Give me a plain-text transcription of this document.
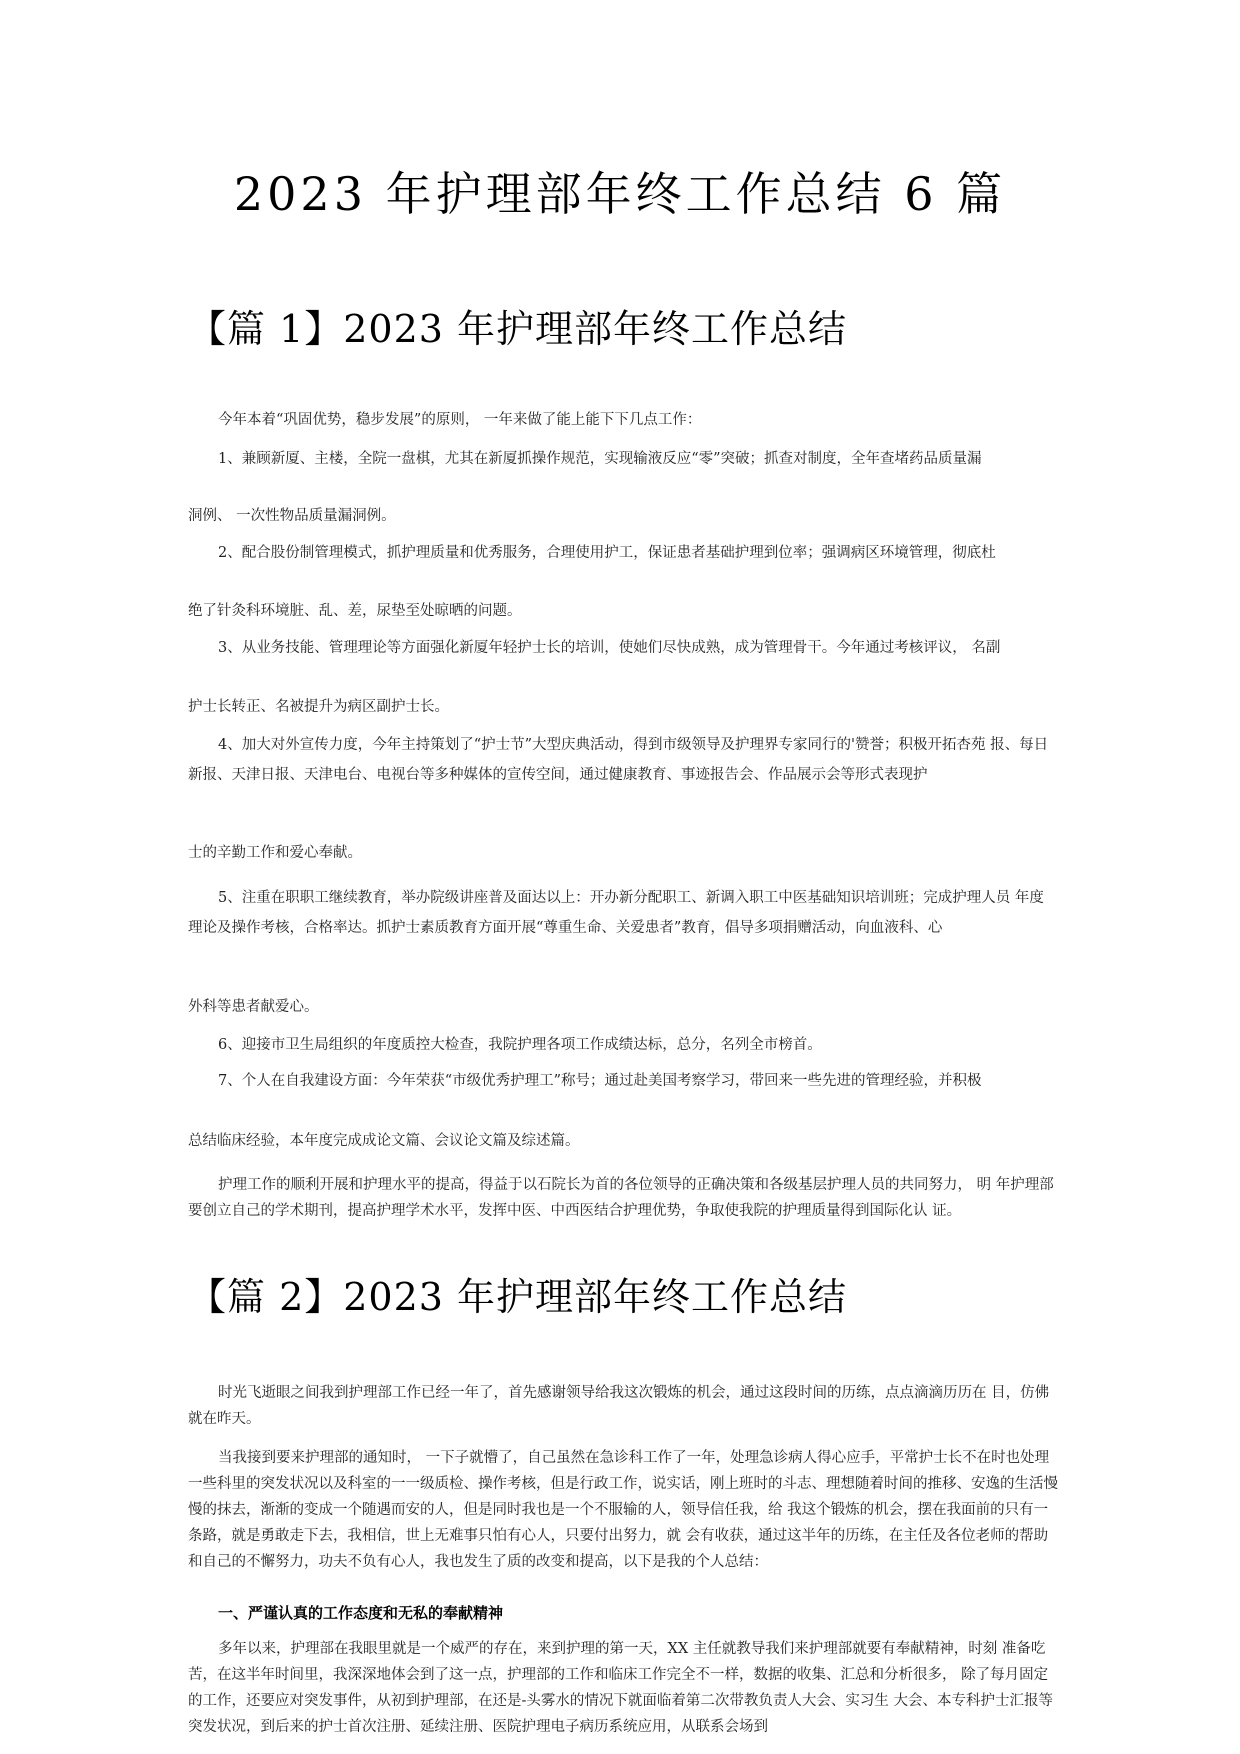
2023 年护理部年终工作总结 6 篇
【篇 1】2023 年护理部年终工作总结
今年本着“巩固优势，稳步发展”的原则， 一年来做了能上能下下几点工作：
1、兼顾新厦、主楼，全院一盘棋，尤其在新厦抓操作规范，实现输液反应“零”突破；抓查对制度，全年查堵药品质量漏
洞例、 一次性物品质量漏洞例。
2、配合股份制管理模式，抓护理质量和优秀服务，合理使用护工，保证患者基础护理到位率；强调病区环境管理，彻底杜
绝了针灸科环境脏、乱、差，尿垫至处晾晒的问题。
3、从业务技能、管理理论等方面强化新厦年轻护士长的培训，使她们尽快成熟，成为管理骨干。今年通过考核评议， 名副
护士长转正、名被提升为病区副护士长。
4、加大对外宣传力度，今年主持策划了“护士节”大型庆典活动，得到市级领导及护理界专家同行的'赞誉；积极开拓杏苑 报、每日新报、天津日报、天津电台、电视台等多种媒体的宣传空间，通过健康教育、事迹报告会、作品展示会等形式表现护
士的辛勤工作和爱心奉献。
5、注重在职职工继续教育，举办院级讲座普及面达以上：开办新分配职工、新调入职工中医基础知识培训班；完成护理人员 年度理论及操作考核，合格率达。抓护士素质教育方面开展“尊重生命、关爱患者”教育，倡导多项捐赠活动，向血液科、心
外科等患者献爱心。
6、迎接市卫生局组织的年度质控大检查，我院护理各项工作成绩达标，总分，名列全市榜首。
7、个人在自我建设方面：今年荣获“市级优秀护理工”称号；通过赴美国考察学习，带回来一些先进的管理经验，并积极
总结临床经验，本年度完成成论文篇、会议论文篇及综述篇。
护理工作的顺利开展和护理水平的提高，得益于以石院长为首的各位领导的正确决策和各级基层护理人员的共同努力， 明 年护理部要创立自己的学术期刊，提高护理学术水平，发挥中医、中西医结合护理优势，争取使我院的护理质量得到国际化认 证。
【篇 2】2023 年护理部年终工作总结
时光飞逝眼之间我到护理部工作已经一年了，首先感谢领导给我这次锻炼的机会，通过这段时间的历练，点点滴滴历历在 目，仿佛就在昨天。
当我接到要来护理部的通知时， 一下子就懵了，自己虽然在急诊科工作了一年，处理急诊病人得心应手，平常护士长不在时也处理一些科里的突发状况以及科室的一一级质检、操作考核，但是行政工作，说实话，刚上班时的斗志、理想随着时间的推移、安逸的生活慢慢的抹去，渐渐的变成一个随遇而安的人，但是同时我也是一个不服输的人，领导信任我，给 我这个锻炼的机会，摆在我面前的只有一条路，就是勇敢走下去，我相信，世上无难事只怕有心人，只要付出努力，就 会有收获，通过这半年的历练，在主任及各位老师的帮助和自己的不懈努力，功夫不负有心人，我也发生了质的改变和提高，以下是我的个人总结：
一、严谨认真的工作态度和无私的奉献精神
多年以来，护理部在我眼里就是一个威严的存在，来到护理的第一天，XX 主任就教导我们来护理部就要有奉献精神，时刻 准备吃苦，在这半年时间里，我深深地体会到了这一点，护理部的工作和临床工作完全不一样，数据的收集、汇总和分析很多， 除了每月固定的工作，还要应对突发事件，从初到护理部，在还是-头雾水的情况下就面临着第二次带教负责人大会、实习生 大会、本专科护士汇报等突发状况，到后来的护士首次注册、延续注册、医院护理电子病历系统应用，从联系会场到
